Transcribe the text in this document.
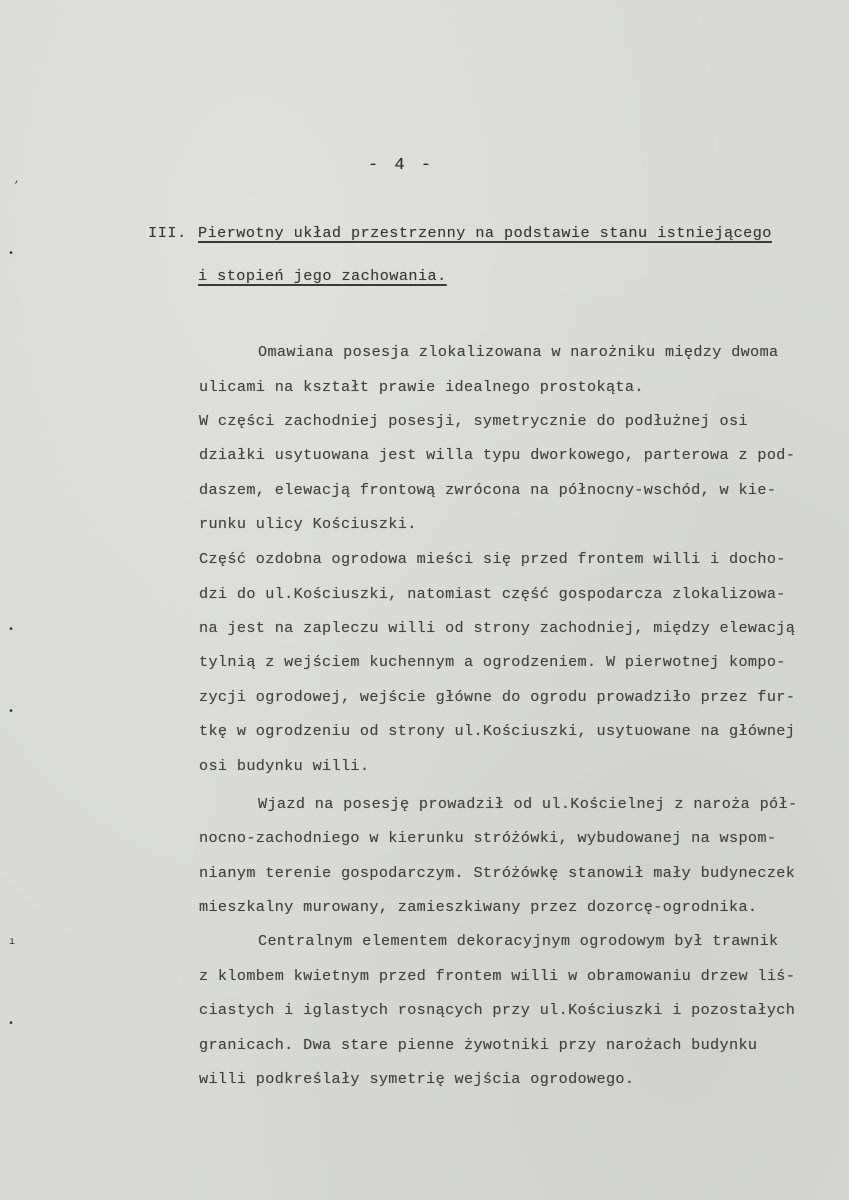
,
•
•
•
ı
•
- 4 -
III. Pierwotny układ przestrzenny na podstawie stanu istniejącego
i stopień jego zachowania.
Omawiana posesja zlokalizowana w narożniku między dwoma
ulicami na kształt prawie idealnego prostokąta.
W części zachodniej posesji, symetrycznie do podłużnej osi
działki usytuowana jest willa typu dworkowego, parterowa z pod-
daszem, elewacją frontową zwrócona na północny-wschód, w kie-
runku ulicy Kościuszki.
Część ozdobna ogrodowa mieści się przed frontem willi i docho-
dzi do ul.Kościuszki, natomiast część gospodarcza zlokalizowa-
na jest na zapleczu willi od strony zachodniej, między elewacją
tylnią z wejściem kuchennym a ogrodzeniem. W pierwotnej kompo-
zycji ogrodowej, wejście główne do ogrodu prowadziło przez fur-
tkę w ogrodzeniu od strony ul.Kościuszki, usytuowane na głównej
osi budynku willi.
Wjazd na posesję prowadził od ul.Kościelnej z naroża pół-
nocno-zachodniego w kierunku stróżówki, wybudowanej na wspom-
nianym terenie gospodarczym. Stróżówkę stanowił mały budyneczek
mieszkalny murowany, zamieszkiwany przez dozorcę-ogrodnika.
Centralnym elementem dekoracyjnym ogrodowym był trawnik
z klombem kwietnym przed frontem willi w obramowaniu drzew liś-
ciastych i iglastych rosnących przy ul.Kościuszki i pozostałych
granicach. Dwa stare pienne żywotniki przy narożach budynku
willi podkreślały symetrię wejścia ogrodowego.
